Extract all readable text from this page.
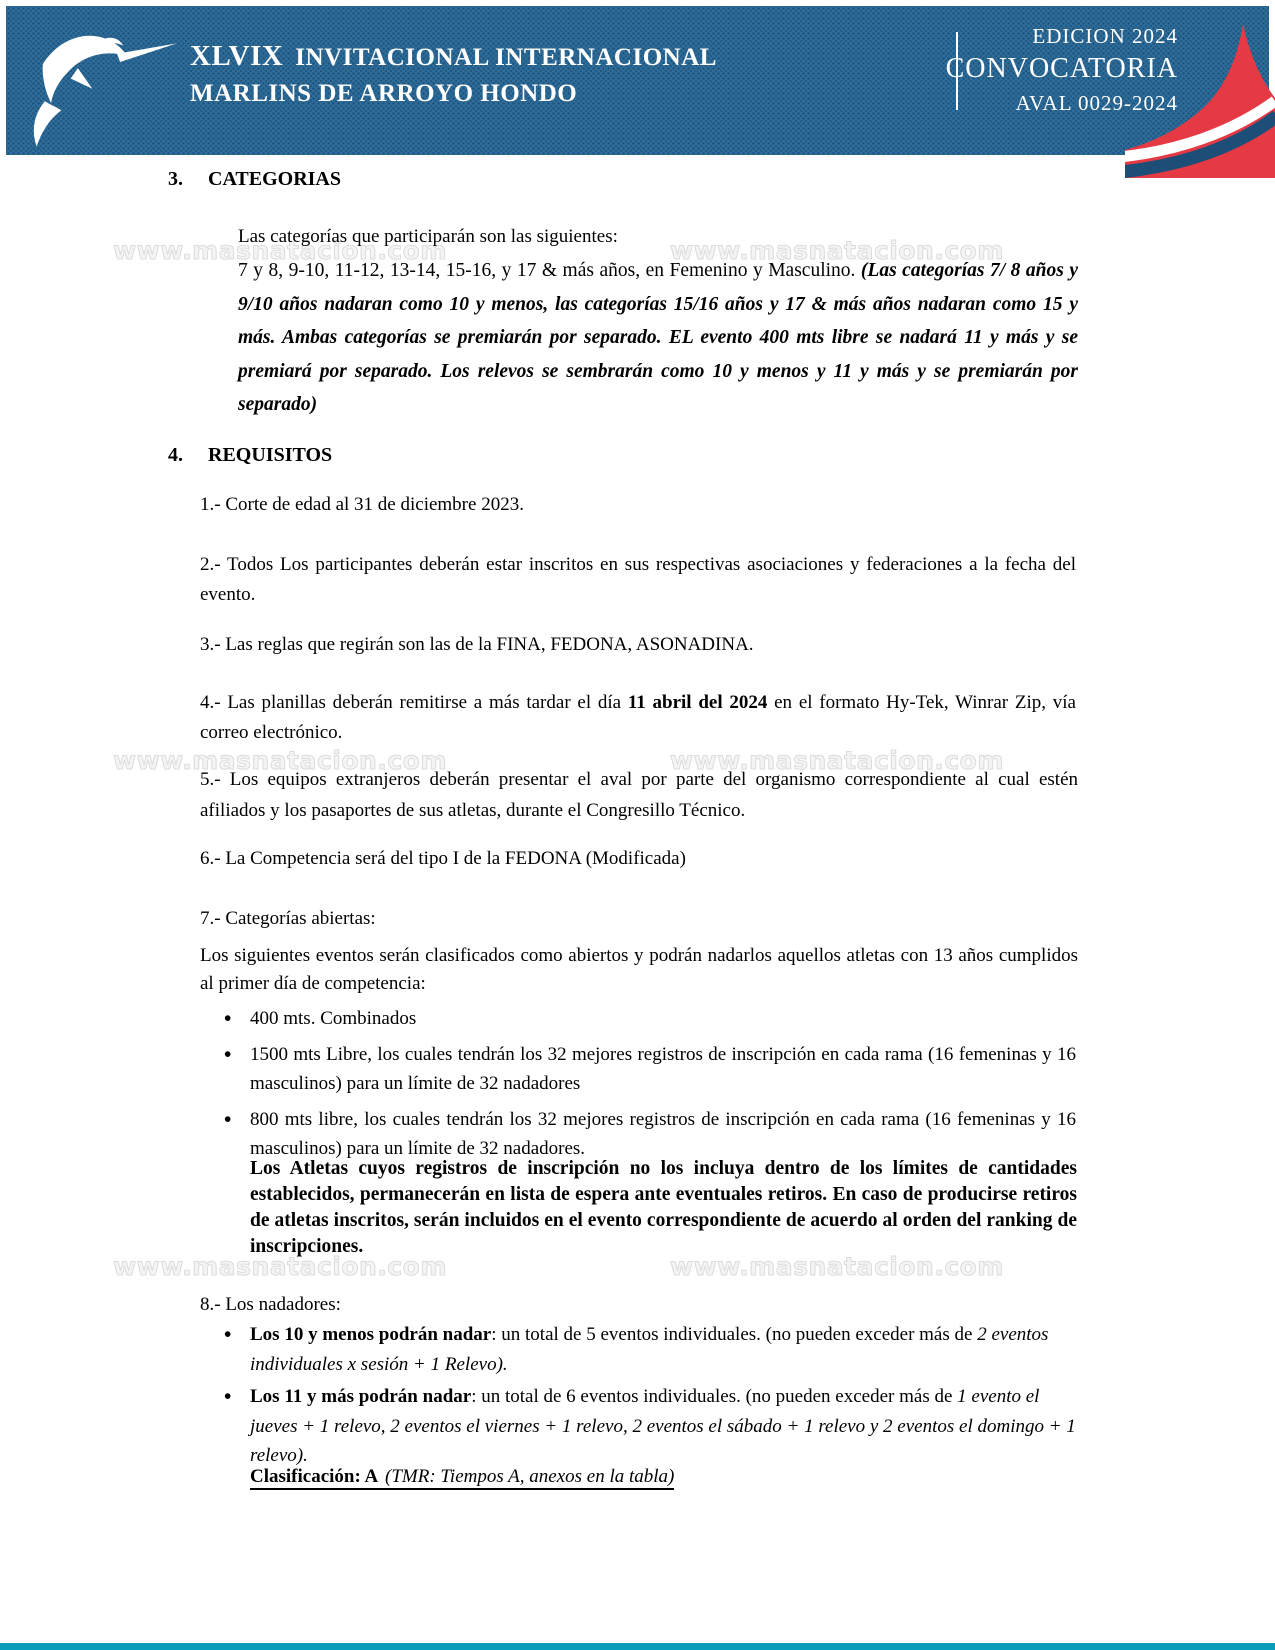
XLVIX INVITACIONAL INTERNACIONAL
MARLINS DE ARROYO HONDO
EDICION 2024
CONVOCATORIA
AVAL 0029-2024
www.masnatacion.com	www.masnatacion.com
www.masnatacion.com	www.masnatacion.com
www.masnatacion.com	www.masnatacion.com
3. CATEGORIAS
Las categorías que participarán son las siguientes:
7 y 8, 9-10, 11-12, 13-14, 15-16, y 17 & más años, en Femenino y Masculino. (Las categorías 7/ 8 años y 9/10 años nadaran como 10 y menos, las categorías 15/16 años y 17 & más años nadaran como 15 y más. Ambas categorías se premiarán por separado. EL evento 400 mts libre se nadará 11 y más y se premiará por separado. Los relevos se sembrarán como 10 y menos y 11 y más y se premiarán por separado)
4. REQUISITOS
1.- Corte de edad al 31 de diciembre 2023.
2.- Todos Los participantes deberán estar inscritos en sus respectivas asociaciones y federaciones a la fecha del evento.
3.- Las reglas que regirán son las de la FINA, FEDONA, ASONADINA.
4.- Las planillas deberán remitirse a más tardar el día 11 abril del 2024 en el formato Hy-Tek, Winrar Zip, vía correo electrónico.
5.- Los equipos extranjeros deberán presentar el aval por parte del organismo correspondiente al cual estén afiliados y los pasaportes de sus atletas, durante el Congresillo Técnico.
6.- La Competencia será del tipo I de la FEDONA (Modificada)
7.- Categorías abiertas:
Los siguientes eventos serán clasificados como abiertos y podrán nadarlos aquellos atletas con 13 años cumplidos al primer día de competencia:
• 400 mts. Combinados
• 1500 mts Libre, los cuales tendrán los 32 mejores registros de inscripción en cada rama (16 femeninas y 16 masculinos) para un límite de 32 nadadores
• 800 mts libre, los cuales tendrán los 32 mejores registros de inscripción en cada rama (16 femeninas y 16 masculinos) para un límite de 32 nadadores.
Los Atletas cuyos registros de inscripción no los incluya dentro de los límites de cantidades establecidos, permanecerán en lista de espera ante eventuales retiros. En caso de producirse retiros de atletas inscritos, serán incluidos en el evento correspondiente de acuerdo al orden del ranking de inscripciones.
8.- Los nadadores:
• Los 10 y menos podrán nadar: un total de 5 eventos individuales. (no pueden exceder más de 2 eventos individuales x sesión + 1 Relevo).
• Los 11 y más podrán nadar: un total de 6 eventos individuales. (no pueden exceder más de 1 evento el jueves + 1 relevo, 2 eventos el viernes + 1 relevo, 2 eventos el sábado + 1 relevo y 2 eventos el domingo + 1 relevo).
Clasificación: A (TMR: Tiempos A, anexos en la tabla)
